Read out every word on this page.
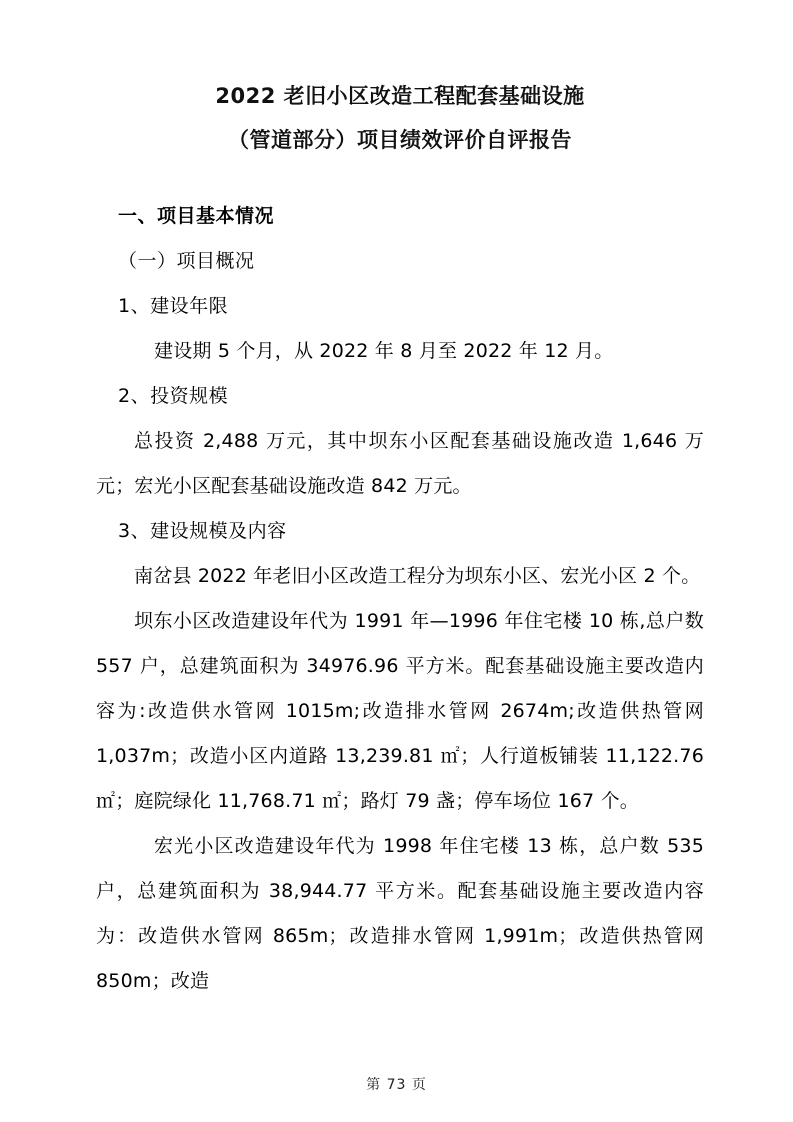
2022 老旧小区改造工程配套基础设施
（管道部分）项目绩效评价自评报告
一、项目基本情况
（一）项目概况
1、建设年限

建设期 5 个月，从 2022 年 8 月至 2022 年 12 月。

2、投资规模

总投资 2,488 万元，其中坝东小区配套基础设施改造 1,646 万元；宏光小区配套基础设施改造 842 万元。

3、建设规模及内容

南岔县 2022 年老旧小区改造工程分为坝东小区、宏光小区 2 个。

坝东小区改造建设年代为 1991 年—1996 年住宅楼 10 栋,总户数 557 户，总建筑面积为 34976.96 平方米。配套基础设施主要改造内容为:改造供水管网 1015m;改造排水管网 2674m;改造供热管网 1,037m；改造小区内道路 13,239.81 ㎡；人行道板铺装 11,122.76 ㎡；庭院绿化 11,768.71 ㎡；路灯 79 盏；停车场位 167 个。

宏光小区改造建设年代为 1998 年住宅楼 13 栋，总户数 535 户，总建筑面积为 38,944.77 平方米。配套基础设施主要改造内容为：改造供水管网 865m；改造排水管网 1,991m；改造供热管网 850m；改造

第 73 页
